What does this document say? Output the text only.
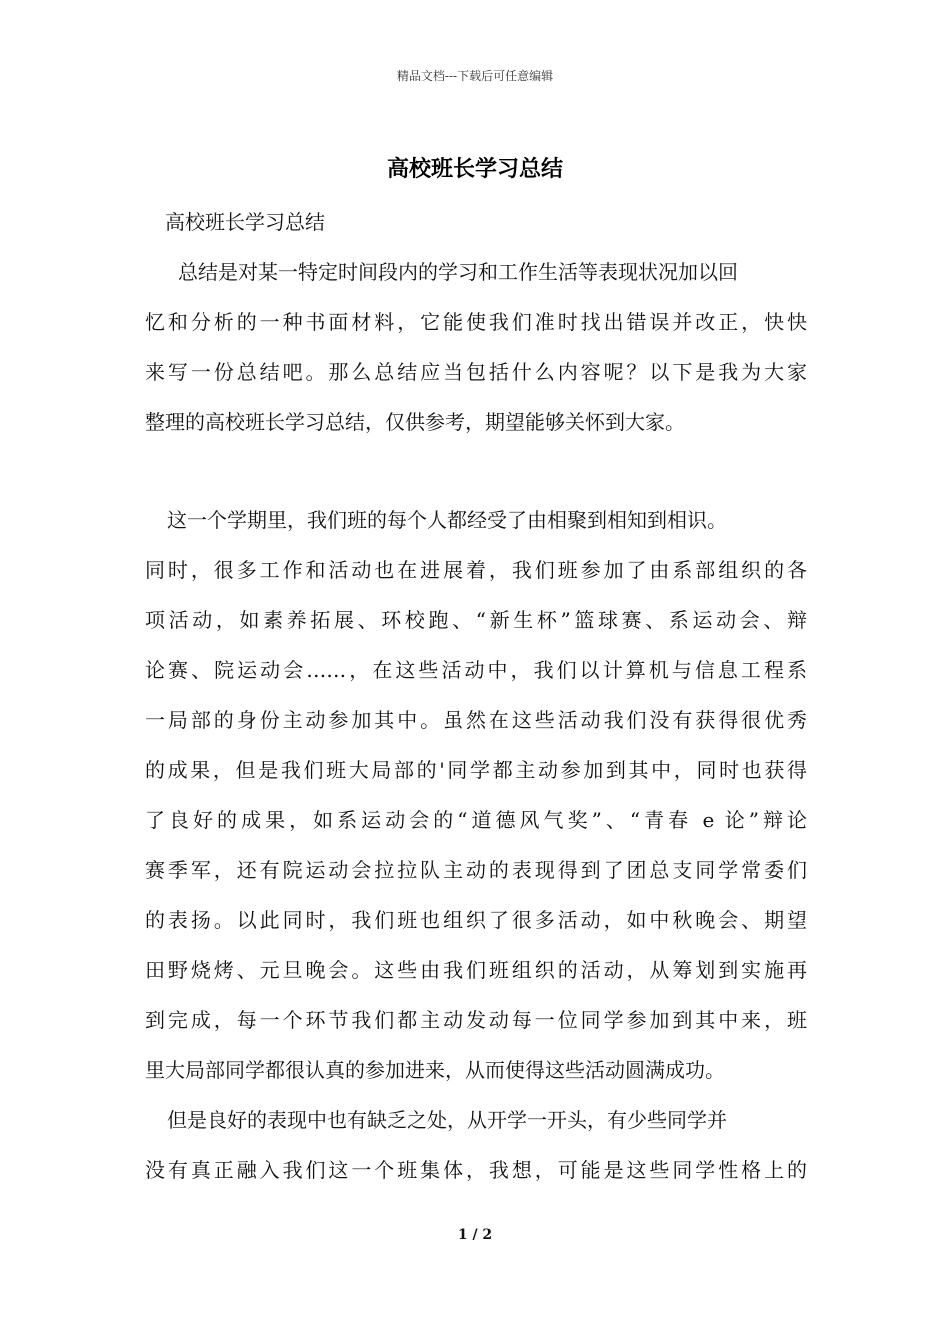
精品文档---下载后可任意编辑
高校班长学习总结
高校班长学习总结
总结是对某一特定时间段内的学习和工作生活等表现状况加以回
忆和分析的一种书面材料，它能使我们准时找出错误并改正，快快
来写一份总结吧。那么总结应当包括什么内容呢？以下是我为大家
整理的高校班长学习总结，仅供参考，期望能够关怀到大家。
这一个学期里，我们班的每个人都经受了由相聚到相知到相识。
同时，很多工作和活动也在进展着，我们班参加了由系部组织的各
项活动，如素养拓展、环校跑、“新生杯”篮球赛、系运动会、辩
论赛、院运动会……，在这些活动中，我们以计算机与信息工程系
一局部的身份主动参加其中。虽然在这些活动我们没有获得很优秀
的成果，但是我们班大局部的'同学都主动参加到其中，同时也获得
了良好的成果，如系运动会的“道德风气奖”、“青春 e 论”辩论
赛季军，还有院运动会拉拉队主动的表现得到了团总支同学常委们
的表扬。以此同时，我们班也组织了很多活动，如中秋晚会、期望
田野烧烤、元旦晚会。这些由我们班组织的活动，从筹划到实施再
到完成，每一个环节我们都主动发动每一位同学参加到其中来，班
里大局部同学都很认真的参加进来，从而使得这些活动圆满成功。
但是良好的表现中也有缺乏之处，从开学一开头，有少些同学并
没有真正融入我们这一个班集体，我想，可能是这些同学性格上的
1 / 2
